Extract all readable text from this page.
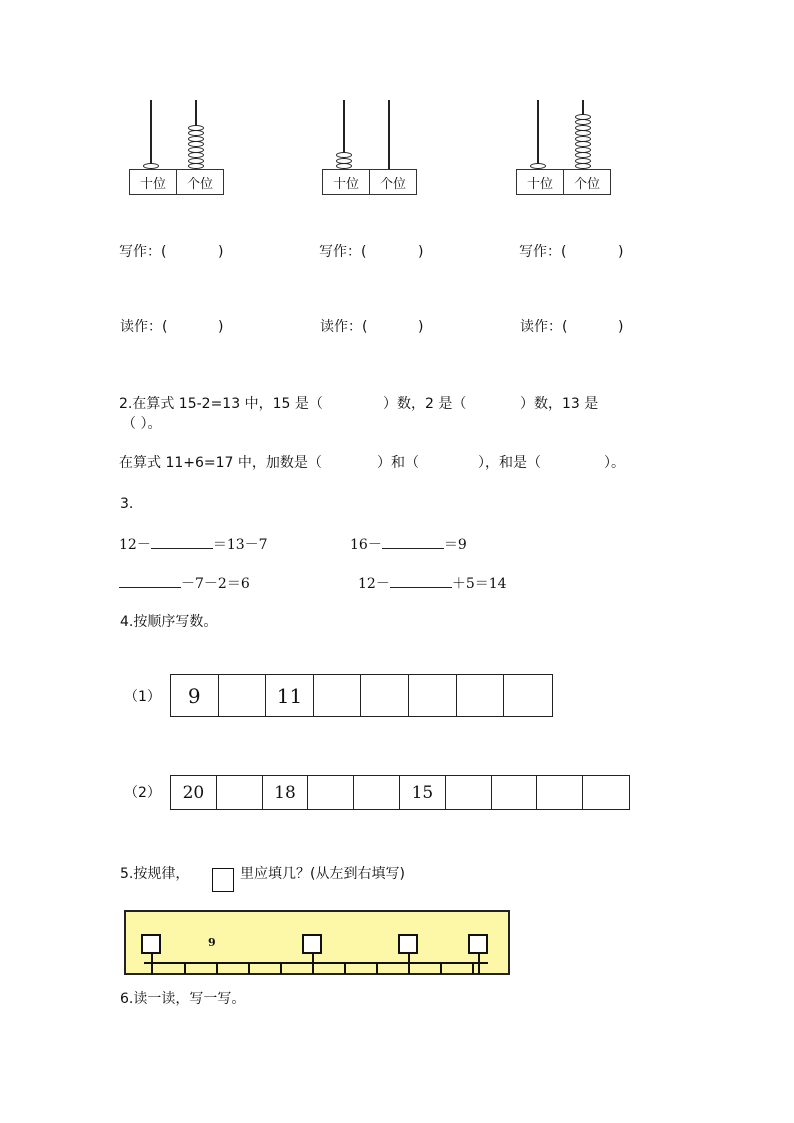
十位	个位	十位	个位	十位	个位
写作：(	)	写作：(	)	写作：(	)
读作：(	)	读作：(	)	读作：(	)
2.在算式 15-2=13 中，15 是（	）数，2 是（	）数，13 是
（ ）。
在算式 11+6=17 中，加数是（	）和（	），和是（	）。
3.
12－	＝13－7	16－	＝9
－7－2＝6	12－	＋5＝14
4.按顺序写数。
（1）	9	11
（2）	20	18	15
5.按规律，	里应填几？(从左到右填写)
9
6.读一读，写一写。
